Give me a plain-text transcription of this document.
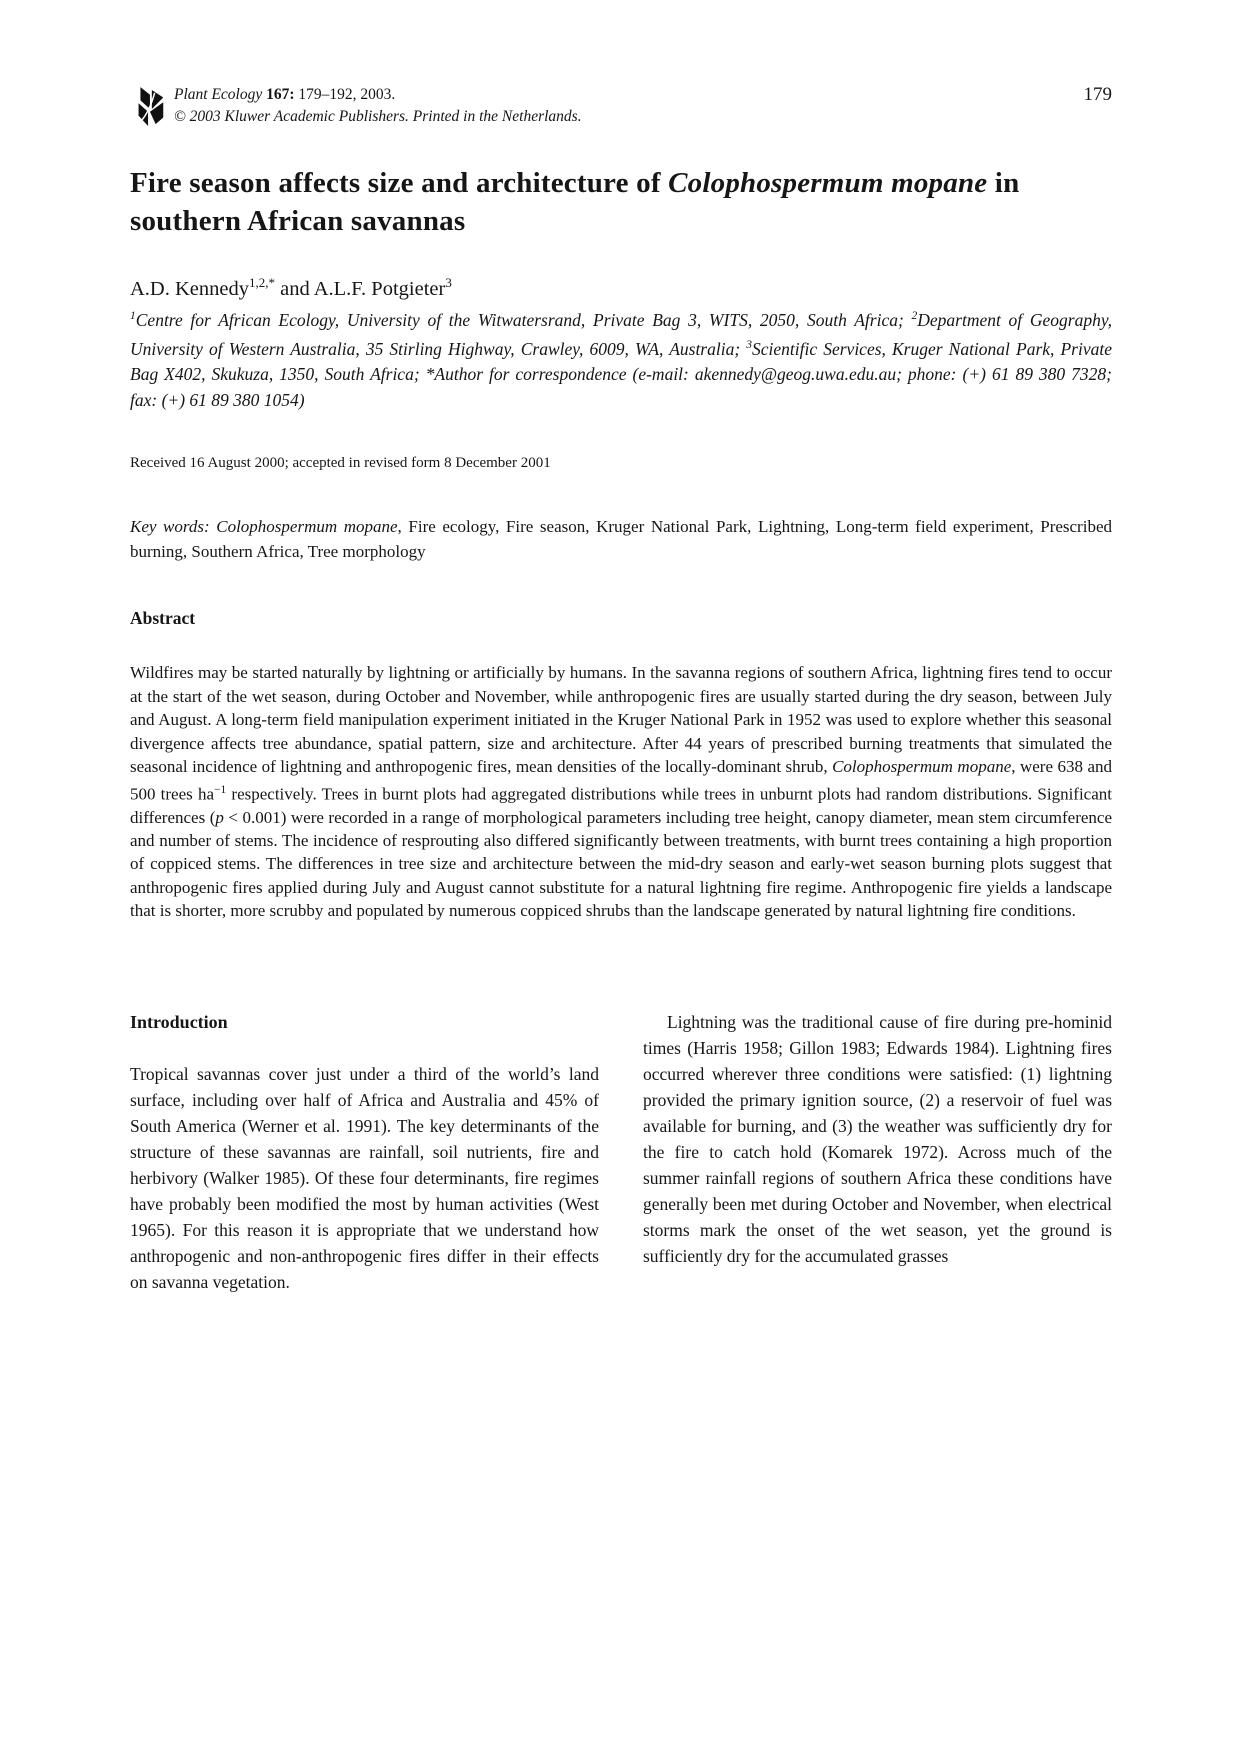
Plant Ecology 167: 179–192, 2003.
© 2003 Kluwer Academic Publishers. Printed in the Netherlands.
179
Fire season affects size and architecture of Colophospermum mopane in southern African savannas
A.D. Kennedy$^{1,2,*}$ and A.L.F. Potgieter$^3$
$^1$Centre for African Ecology, University of the Witwatersrand, Private Bag 3, WITS, 2050, South Africa; $^2$Department of Geography, University of Western Australia, 35 Stirling Highway, Crawley, 6009, WA, Australia; $^3$Scientific Services, Kruger National Park, Private Bag X402, Skukuza, 1350, South Africa; *Author for correspondence (e-mail: akennedy@geog.uwa.edu.au; phone: (+) 61 89 380 7328; fax: (+) 61 89 380 1054)
Received 16 August 2000; accepted in revised form 8 December 2001
Key words: Colophospermum mopane, Fire ecology, Fire season, Kruger National Park, Lightning, Long-term field experiment, Prescribed burning, Southern Africa, Tree morphology
Abstract

Wildfires may be started naturally by lightning or artificially by humans. In the savanna regions of southern Africa, lightning fires tend to occur at the start of the wet season, during October and November, while anthropogenic fires are usually started during the dry season, between July and August. A long-term field manipulation experiment initiated in the Kruger National Park in 1952 was used to explore whether this seasonal divergence affects tree abundance, spatial pattern, size and architecture. After 44 years of prescribed burning treatments that simulated the seasonal incidence of lightning and anthropogenic fires, mean densities of the locally-dominant shrub, Colophospermum mopane, were 638 and 500 trees $ha^{-1}$ respectively. Trees in burnt plots had aggregated distributions while trees in unburnt plots had random distributions. Significant differences (p < 0.001) were recorded in a range of morphological parameters including tree height, canopy diameter, mean stem circumference and number of stems. The incidence of resprouting also differed significantly between treatments, with burnt trees containing a high proportion of coppiced stems. The differences in tree size and architecture between the mid-dry season and early-wet season burning plots suggest that anthropogenic fires applied during July and August cannot substitute for a natural lightning fire regime. Anthropogenic fire yields a landscape that is shorter, more scrubby and populated by numerous coppiced shrubs than the landscape generated by natural lightning fire conditions.

Introduction

Tropical savannas cover just under a third of the world’s land surface, including over half of Africa and Australia and 45% of South America (Werner et al. 1991). The key determinants of the structure of these savannas are rainfall, soil nutrients, fire and herbivory (Walker 1985). Of these four determinants, fire regimes have probably been modified the most by human activities (West 1965). For this reason it is appropriate that we understand how anthropogenic and non-anthropogenic fires differ in their effects on savanna vegetation.

Lightning was the traditional cause of fire during pre-hominid times (Harris 1958; Gillon 1983; Edwards 1984). Lightning fires occurred wherever three conditions were satisfied: (1) lightning provided the primary ignition source, (2) a reservoir of fuel was available for burning, and (3) the weather was sufficiently dry for the fire to catch hold (Komarek 1972). Across much of the summer rainfall regions of southern Africa these conditions have generally been met during October and November, when electrical storms mark the onset of the wet season, yet the ground is sufficiently dry for the accumulated grasses
